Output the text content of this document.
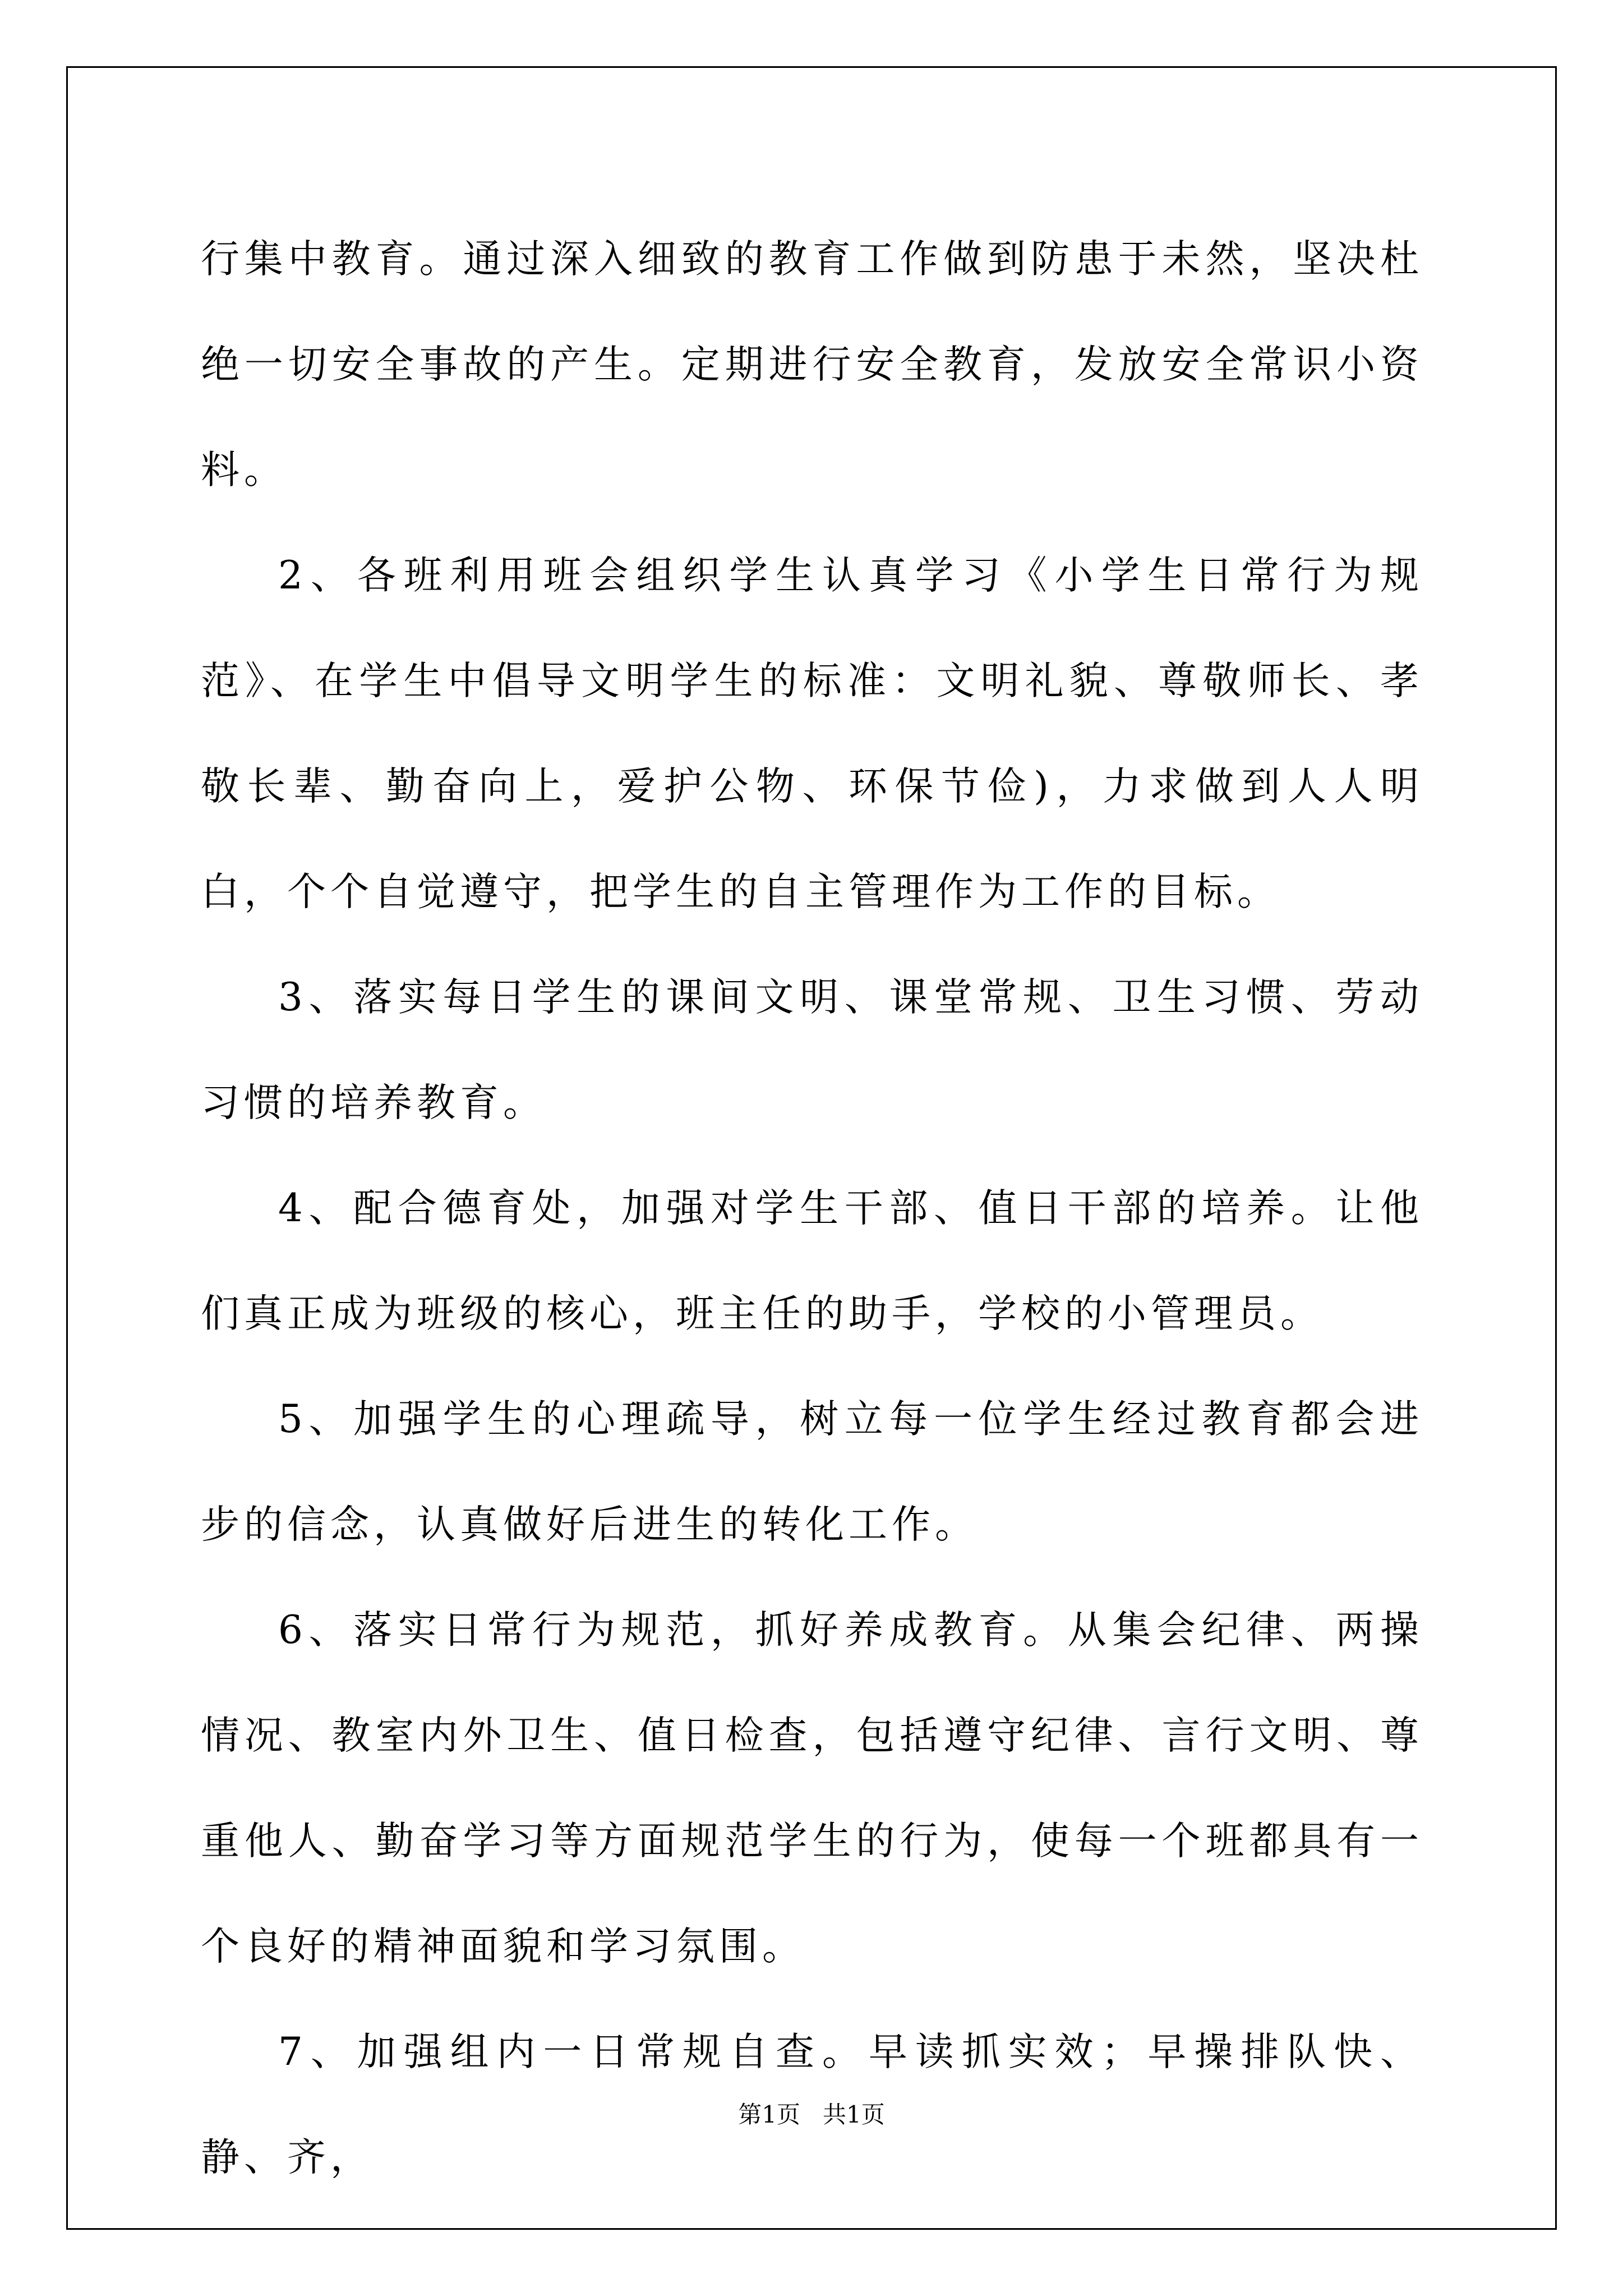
行集中教育。通过深入细致的教育工作做到防患于未然，坚决杜绝一切安全事故的产生。定期进行安全教育，发放安全常识小资料。

2、各班利用班会组织学生认真学习《小学生日常行为规范》、在学生中倡导文明学生的标准：文明礼貌、尊敬师长、孝敬长辈、勤奋向上，爱护公物、环保节俭)，力求做到人人明白，个个自觉遵守，把学生的自主管理作为工作的目标。

3、落实每日学生的课间文明、课堂常规、卫生习惯、劳动习惯的培养教育。

4、配合德育处，加强对学生干部、值日干部的培养。让他们真正成为班级的核心，班主任的助手，学校的小管理员。

5、加强学生的心理疏导，树立每一位学生经过教育都会进步的信念，认真做好后进生的转化工作。

6、落实日常行为规范，抓好养成教育。从集会纪律、两操情况、教室内外卫生、值日检查，包括遵守纪律、言行文明、尊重他人、勤奋学习等方面规范学生的行为，使每一个班都具有一个良好的精神面貌和学习氛围。

7、加强组内一日常规自查。早读抓实效；早操排队快、静、齐，

第1页 共1页
